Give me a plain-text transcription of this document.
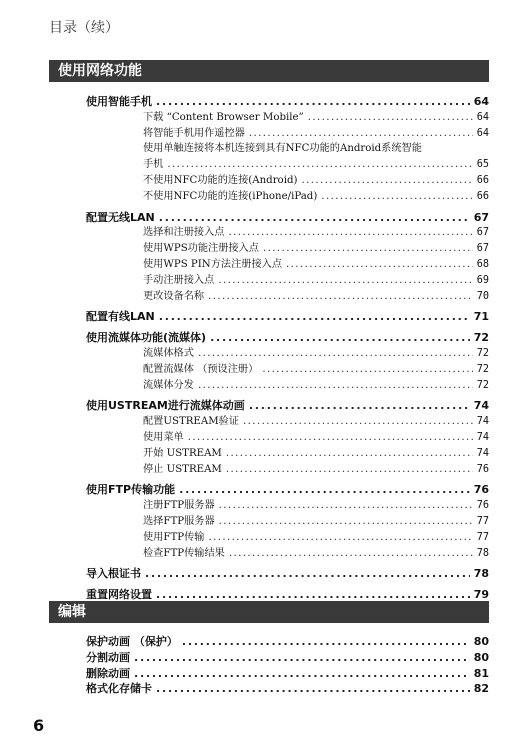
目录（续）
使用网络功能
使用智能手机 .....	64
下载 “Content Browser Mobile” .....	64
将智能手机用作遥控器 .....	64
使用单触连接将本机连接到具有NFC功能的Android系统智能
手机 .....	65
不使用NFC功能的连接(Android) .....	66
不使用NFC功能的连接(iPhone/iPad) .....	66
配置无线LAN .....	67
选择和注册接入点 .....	67
使用WPS功能注册接入点 .....	67
使用WPS PIN方法注册接入点 .....	68
手动注册接入点 .....	69
更改设备名称 .....	70
配置有线LAN .....	71
使用流媒体功能(流媒体) .....	72
流媒体格式 .....	72
配置流媒体 （预设注册） .....	72
流媒体分发 .....	72
使用USTREAM进行流媒体动画 .....	74
配置USTREAM验证 .....	74
使用菜单 .....	74
开始 USTREAM .....	74
停止 USTREAM .....	76
使用FTP传输功能 .....	76
注册FTP服务器 .....	76
选择FTP服务器 .....	77
使用FTP传输 .....	77
检查FTP传输结果 .....	78
导入根证书 .....	78
重置网络设置 .....	79
编辑
保护动画 （保护） .....	80
分割动画 .....	80
删除动画 .....	81
格式化存储卡 .....	82
6
